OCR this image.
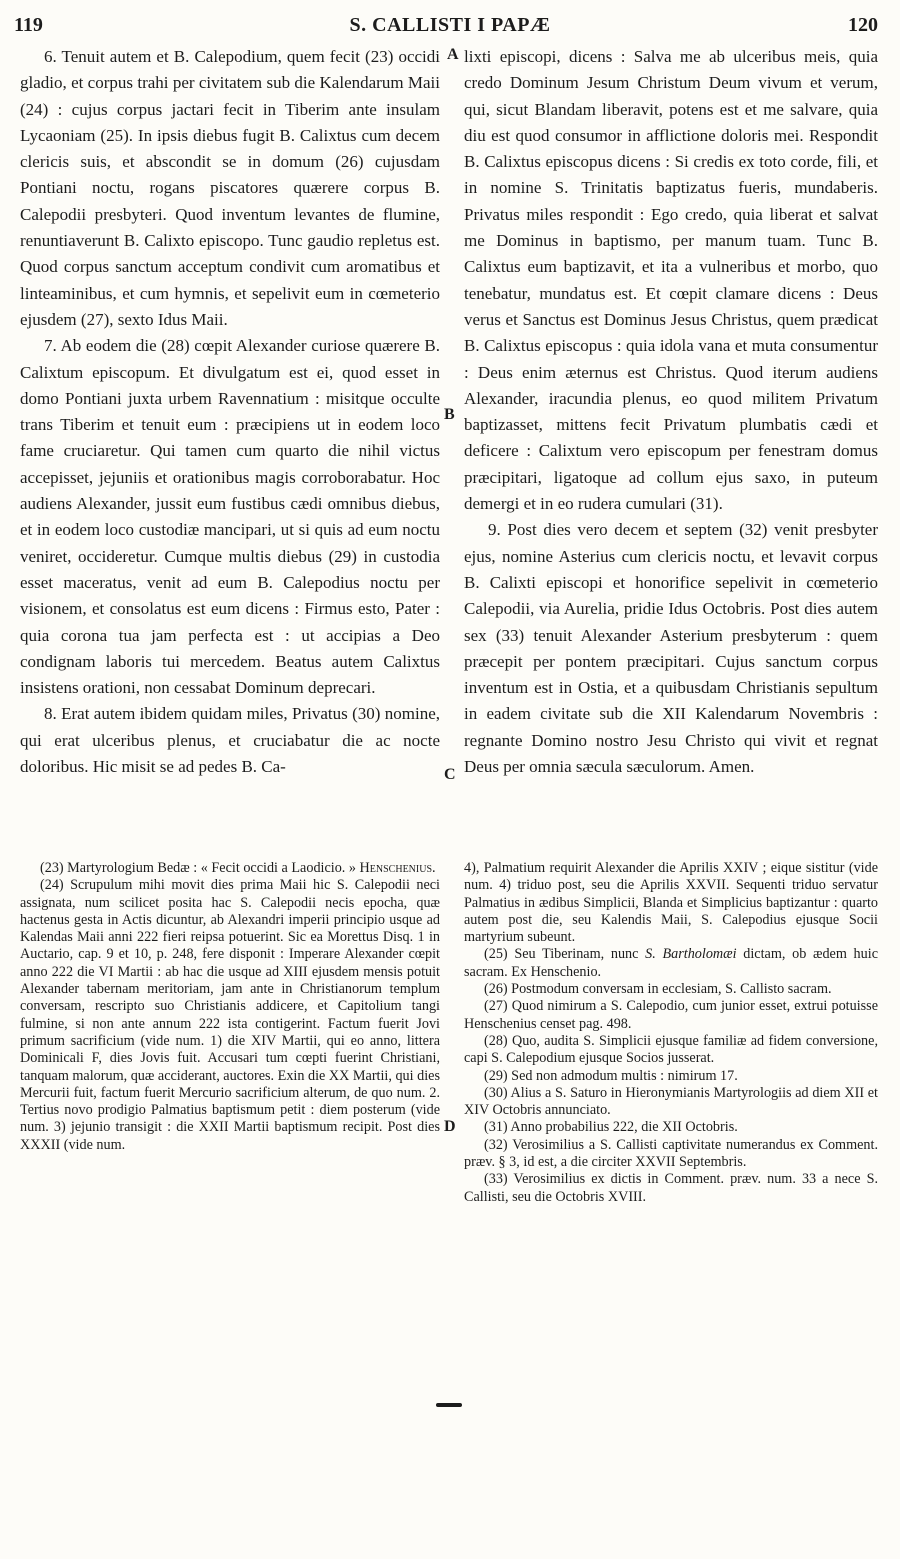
119	S. CALLISTI I PAPÆ	120

6. Tenuit autem et B. Calepodium, quem fecit (23) occidi gladio, et corpus trahi per civitatem sub die Kalendarum Maii (24) : cujus corpus jactari fecit in Tiberim ante insulam Lycaoniam (25). In ipsis diebus fugit B. Calixtus cum decem clericis suis, et abscondit se in domum (26) cujusdam Pontiani noctu, rogans piscatores quærere corpus B. Calepodii presbyteri. Quod inventum levantes de flumine, renuntiaverunt B. Calixto episcopo. Tunc gaudio repletus est. Quod corpus sanctum acceptum condivit cum aromatibus et linteaminibus, et cum hymnis, et sepelivit eum in cœmeterio ejusdem (27), sexto Idus Maii.

7. Ab eodem die (28) cœpit Alexander curiose quærere B. Calixtum episcopum. Et divulgatum est ei, quod esset in domo Pontiani juxta urbem Ravennatium : misitque occulte trans Tiberim et tenuit eum : præcipiens ut in eodem loco fame cruciaretur. Qui tamen cum quarto die nihil victus accepisset, jejuniis et orationibus magis corroborabatur. Hoc audiens Alexander, jussit eum fustibus cædi omnibus diebus, et in eodem loco custodiæ mancipari, ut si quis ad eum noctu veniret, occideretur. Cumque multis diebus (29) in custodia esset maceratus, venit ad eum B. Calepodius noctu per visionem, et consolatus est eum dicens : Firmus esto, Pater : quia corona tua jam perfecta est : ut accipias a Deo condignam laboris tui mercedem. Beatus autem Calixtus insistens orationi, non cessabat Dominum deprecari.

8. Erat autem ibidem quidam miles, Privatus (30) nomine, qui erat ulceribus plenus, et cruciabatur die ac nocte doloribus. Hic misit se ad pedes B. Ca-

lixti episcopi, dicens : Salva me ab ulceribus meis, quia credo Dominum Jesum Christum Deum vivum et verum, qui, sicut Blandam liberavit, potens est et me salvare, quia diu est quod consumor in afflictione doloris mei. Respondit B. Calixtus episcopus dicens : Si credis ex toto corde, fili, et in nomine S. Trinitatis baptizatus fueris, mundaberis. Privatus miles respondit : Ego credo, quia liberat et salvat me Dominus in baptismo, per manum tuam. Tunc B. Calixtus eum baptizavit, et ita a vulneribus et morbo, quo tenebatur, mundatus est. Et cœpit clamare dicens : Deus verus et Sanctus est Dominus Jesus Christus, quem prædicat B. Calixtus episcopus : quia idola vana et muta consumentur : Deus enim æternus est Christus. Quod iterum audiens Alexander, iracundia plenus, eo quod militem Privatum baptizasset, mittens fecit Privatum plumbatis cædi et deficere : Calixtum vero episcopum per fenestram domus præcipitari, ligatoque ad collum ejus saxo, in puteum demergi et in eo rudera cumulari (31).

9. Post dies vero decem et septem (32) venit presbyter ejus, nomine Asterius cum clericis noctu, et levavit corpus B. Calixti episcopi et honorifice sepelivit in cœmeterio Calepodii, via Aurelia, pridie Idus Octobris. Post dies autem sex (33) tenuit Alexander Asterium presbyterum : quem præcepit per pontem præcipitari. Cujus sanctum corpus inventum est in Ostia, et a quibusdam Christianis sepultum in eadem civitate sub die XII Kalendarum Novembris : regnante Domino nostro Jesu Christo qui vivit et regnat Deus per omnia sæcula sæculorum. Amen.

A
B
C
D

(23) Martyrologium Bedæ : « Fecit occidi a Laodicio. » Henschenius.

(24) Scrupulum mihi movit dies prima Maii hic S. Calepodii neci assignata, num scilicet posita hac S. Calepodii necis epocha, quæ hactenus gesta in Actis dicuntur, ab Alexandri imperii principio usque ad Kalendas Maii anni 222 fieri reipsa potuerint. Sic ea Morettus Disq. 1 in Auctario, cap. 9 et 10, p. 248, fere disponit : Imperare Alexander cœpit anno 222 die VI Martii : ab hac die usque ad XIII ejusdem mensis potuit Alexander tabernam meritoriam, jam ante in Christianorum templum conversam, rescripto suo Christianis addicere, et Capitolium tangi fulmine, si non ante annum 222 ista contigerint. Factum fuerit Jovi primum sacrificium (vide num. 1) die XIV Martii, qui eo anno, littera Dominicali F, dies Jovis fuit. Accusari tum cœpti fuerint Christiani, tanquam malorum, quæ acciderant, auctores. Exin die XX Martii, qui dies Mercurii fuit, factum fuerit Mercurio sacrificium alterum, de quo num. 2. Tertius novo prodigio Palmatius baptismum petit : diem posterum (vide num. 3) jejunio transigit : die XXII Martii baptismum recipit. Post dies XXXII (vide num.

4), Palmatium requirit Alexander die Aprilis XXIV ; eique sistitur (vide num. 4) triduo post, seu die Aprilis XXVII. Sequenti triduo servatur Palmatius in ædibus Simplicii, Blanda et Simplicius baptizantur : quarto autem post die, seu Kalendis Maii, S. Calepodius ejusque Socii martyrium subeunt.

(25) Seu Tiberinam, nunc S. Bartholomæi dictam, ob ædem huic sacram. Ex Henschenio.

(26) Postmodum conversam in ecclesiam, S. Callisto sacram.

(27) Quod nimirum a S. Calepodio, cum junior esset, extrui potuisse Henschenius censet pag. 498.

(28) Quo, audita S. Simplicii ejusque familiæ ad fidem conversione, capi S. Calepodium ejusque Socios jusserat.

(29) Sed non admodum multis : nimirum 17.

(30) Alius a S. Saturo in Hieronymianis Martyrologiis ad diem XII et XIV Octobris annunciato.

(31) Anno probabilius 222, die XII Octobris.

(32) Verosimilius a S. Callisti captivitate numerandus ex Comment. præv. § 3, id est, a die circiter XXVII Septembris.

(33) Verosimilius ex dictis in Comment. præv. num. 33 a nece S. Callisti, seu die Octobris XVIII.
